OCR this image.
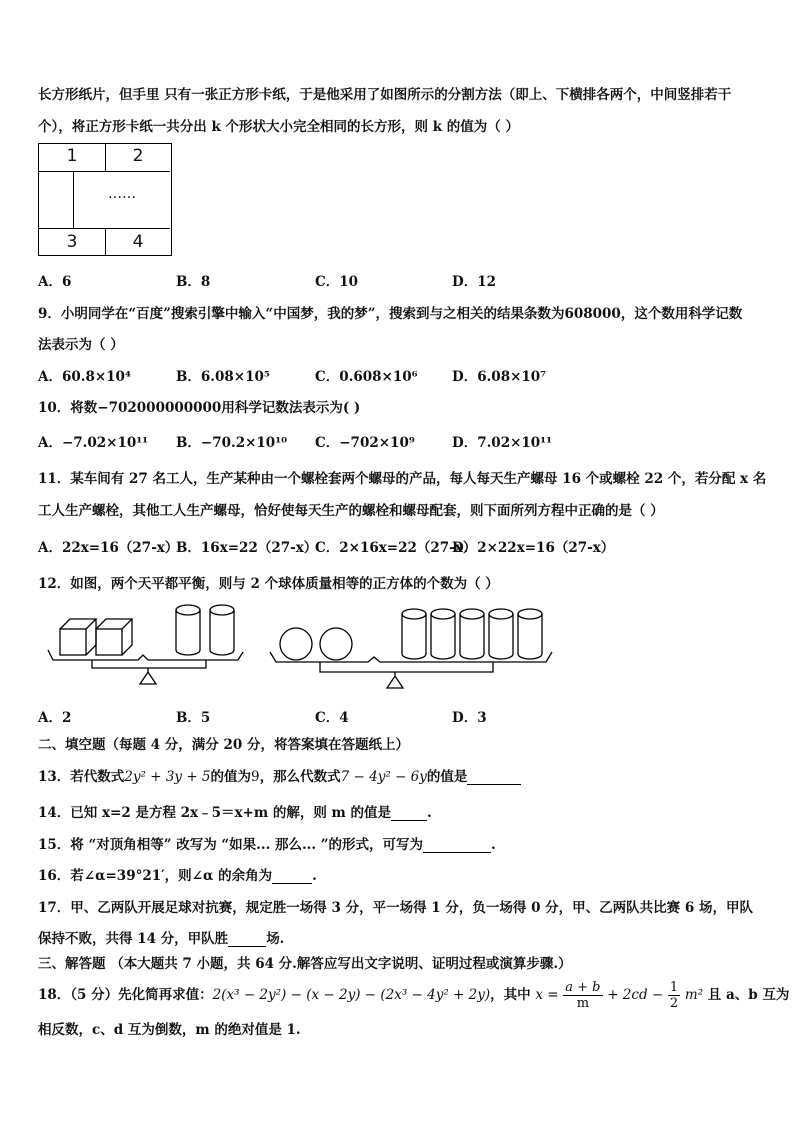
长方形纸片，但手里 只有一张正方形卡纸，于是他采用了如图所示的分割方法（即上、下横排各两个，中间竖排若干
个），将正方形卡纸一共分出 k 个形状大小完全相同的长方形，则 k 的值为（ ）
1	2
……
3	4
A．6	B．8	C．10	D．12
9．小明同学在“百度”搜索引擎中输入“中国梦，我的梦”，搜索到与之相关的结果条数为608000，这个数用科学记数
法表示为（ ）
A．60.8×10⁴	B．6.08×10⁵	C．0.608×10⁶	D．6.08×10⁷
10．将数−702000000000用科学记数法表示为( )
A．−7.02×10¹¹ B．−70.2×10¹⁰ C．−702×10⁹	D．7.02×10¹¹
11．某车间有 27 名工人，生产某种由一个螺栓套两个螺母的产品，每人每天生产螺母 16 个或螺栓 22 个，若分配 x 名
工人生产螺栓，其他工人生产螺母，恰好使每天生产的螺栓和螺母配套，则下面所列方程中正确的是（ ）
A．22x=16（27-x）
B．16x=22（27-x）
C．2×16x=22（27-x）
D．2×22x=16（27-x）
12．如图，两个天平都平衡，则与 2 个球体质量相等的正方体的个数为（ ）
A．2	B．5	C．4	D．3
二、填空题（每题 4 分，满分 20 分，将答案填在答题纸上）
13．若代数式2y² + 3y + 5的值为9，那么代数式7 − 4y² − 6y的值是
14．已知 x=2 是方程 2x﹣5＝x+m 的解，则 m 的值是	.
15．将 “对顶角相等” 改写为 “如果... 那么... ”的形式，可写为	.
16．若∠α=39°21′，则∠α 的余角为	.
17．甲、乙两队开展足球对抗赛，规定胜一场得 3 分，平一场得 1 分，负一场得 0 分，甲、乙两队共比赛 6 场，甲队
保持不败，共得 14 分，甲队胜	场.
三、解答题 （本大题共 7 小题，共 64 分.解答应写出文字说明、证明过程或演算步骤.）
18．（5 分）先化简再求值：2(x³ − 2y²) − (x − 2y) − (2x³ − 4y² + 2y)，其中 $x = \frac{a + b}{m} + 2cd - \frac{1}{2} m^2$ 且 a、b 互为
相反数，c、d 互为倒数，m 的绝对值是 1.
